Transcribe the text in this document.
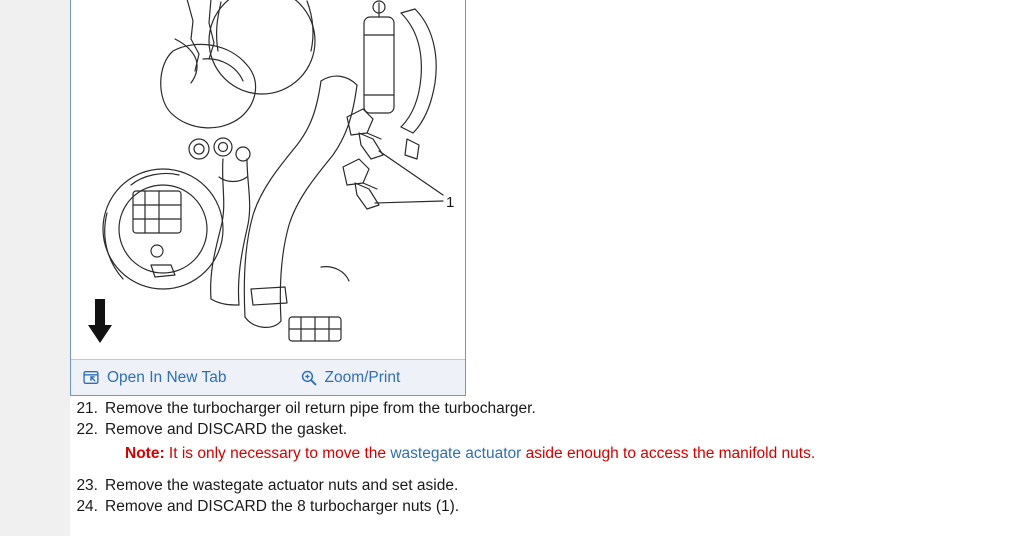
1
Open In New Tab	Zoom/Print
21. Remove the turbocharger oil return pipe from the turbocharger.
22. Remove and DISCARD the gasket.
Note: It is only necessary to move the wastegate actuator aside enough to access the manifold nuts.
23. Remove the wastegate actuator nuts and set aside.
24. Remove and DISCARD the 8 turbocharger nuts (1).
